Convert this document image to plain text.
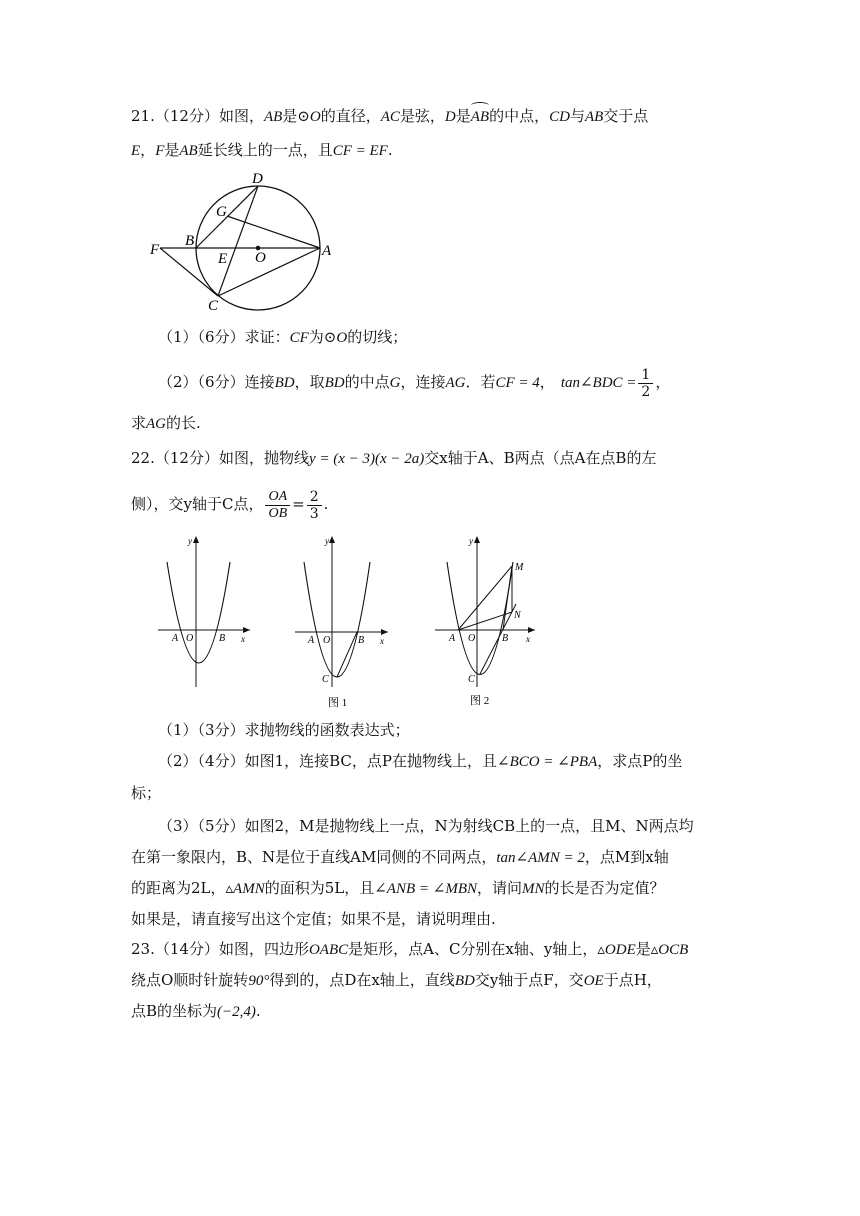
21.（12分）如图，AB是⊙O的直径，AC是弦，D是AB的中点，CD与AB交于点
E，F是AB延长线上的一点，且CF = EF.
D
G
B
F
E O	A
C
（1）（6分）求证：CF为⊙O的切线；
（2）（6分）连接BD，取BD的中点G，连接AG．若CF = 4， tan∠BDC = $\frac{1}{2}$ ，
求AG的长.
22.（12分）如图，抛物线y = (x − 3)(x − 2a)交x轴于A、B两点（点A在点B的左
侧），交y轴于C点， $\frac{OA}{OB} = \frac{2}{3}$ .
y
x
A O	B
y
x
A O	B
C
图 1
y
x
A O	B
C
M
N
图 2
（1）（3分）求抛物线的函数表达式；
（2）（4分）如图1，连接BC，点P在抛物线上，且∠BCO = ∠PBA，求点P的坐
标；
（3）（5分）如图2，M是抛物线上一点，N为射线CB上的一点，且M、N两点均
在第一象限内，B、N是位于直线AM同侧的不同两点，tan∠AMN = 2，点M到x轴
的距离为2L，▵AMN的面积为5L，且∠ANB = ∠MBN，请问MN的长是否为定值？
如果是，请直接写出这个定值；如果不是，请说明理由.
23.（14分）如图，四边形OABC是矩形，点A、C分别在x轴、y轴上，▵ODE是▵OCB
绕点O顺时针旋转90°得到的，点D在x轴上，直线BD交y轴于点F，交OE于点H，
点B的坐标为(−2,4).
